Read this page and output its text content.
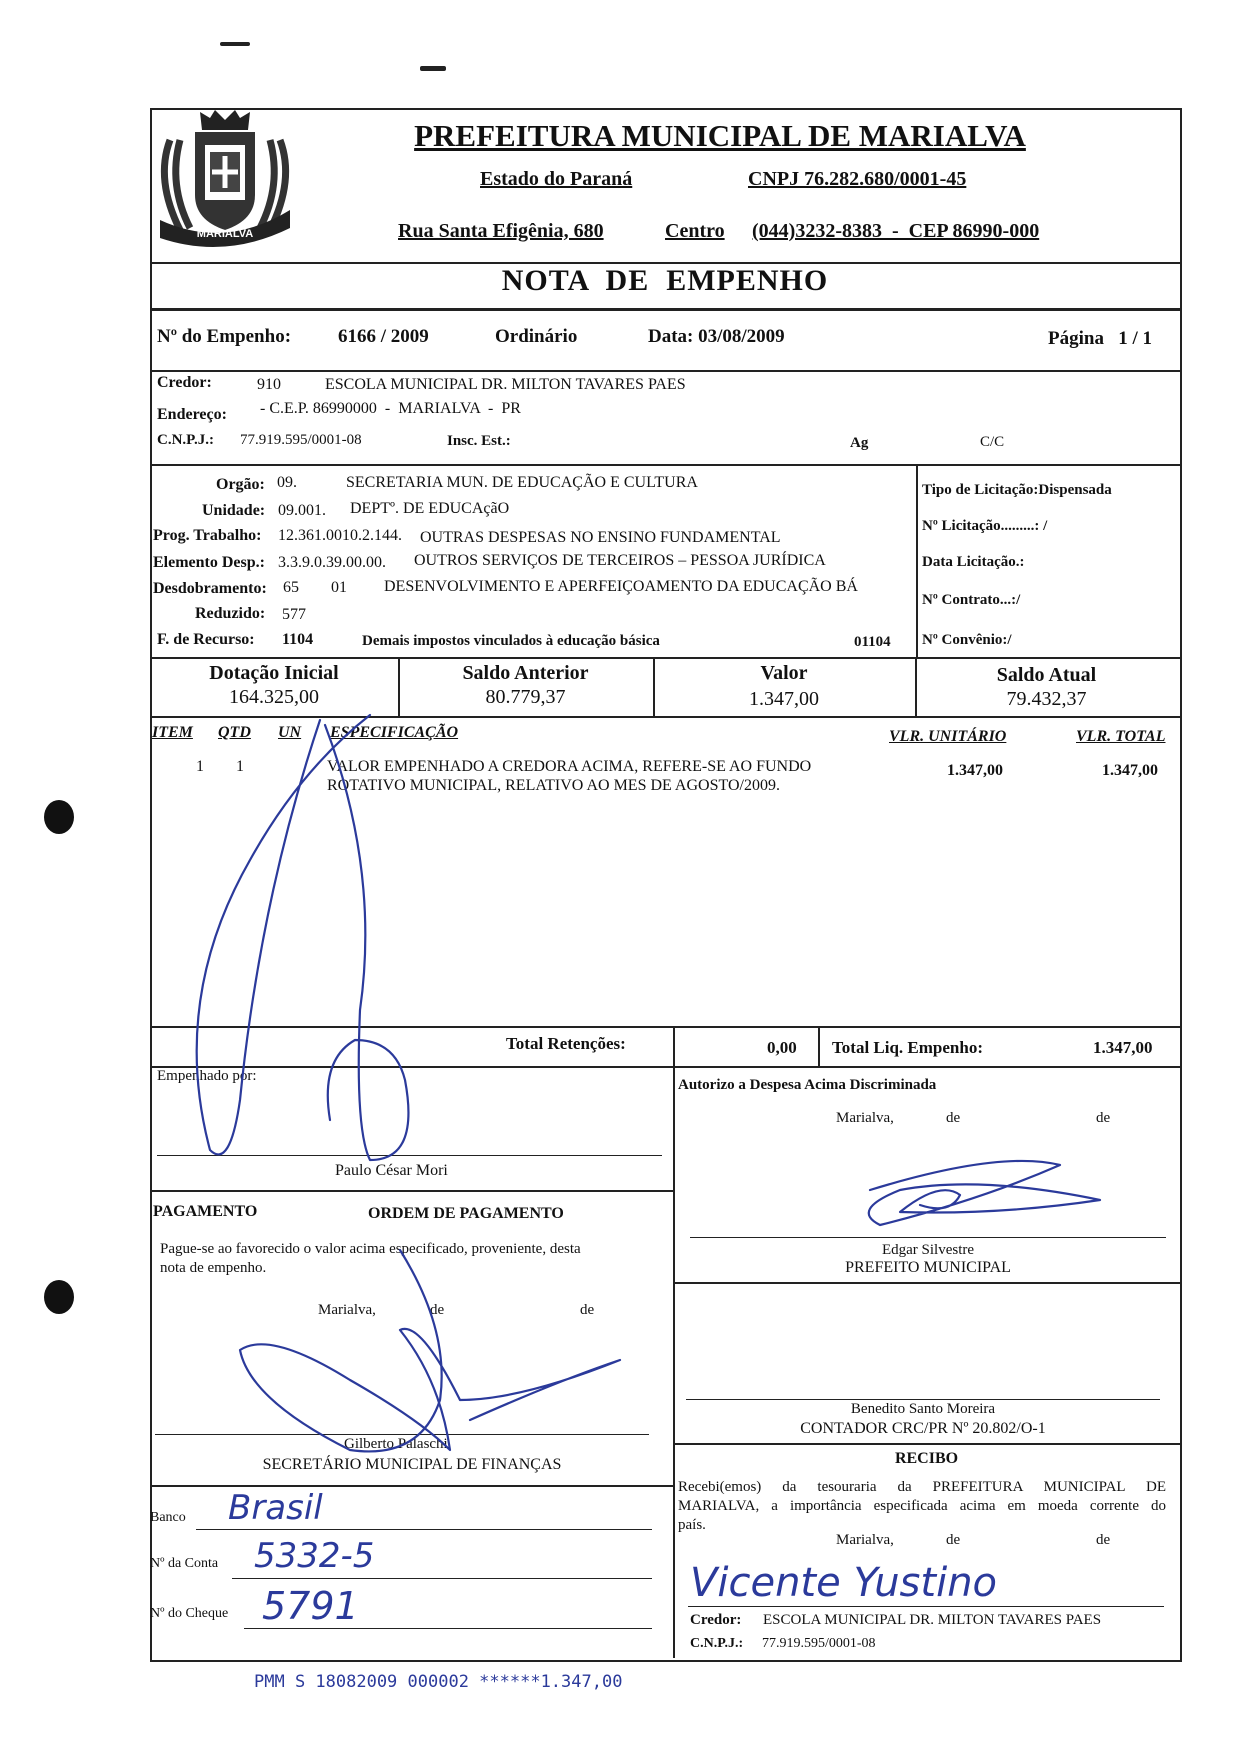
MARIALVA
PREFEITURA MUNICIPAL DE MARIALVA
Estado do Paraná	CNPJ 76.282.680/0001-45
Rua Santa Efigênia, 680	Centro (044)3232-8383  -  CEP 86990-000
NOTA  DE  EMPENHO
Nº do Empenho: 6166 / 2009	Ordinário	Data: 03/08/2009	Página   1 / 1
Credor:	910	ESCOLA MUNICIPAL DR. MILTON TAVARES PAES
Endereço: - C.E.P. 86990000  -  MARIALVA  -  PR
C.N.P.J.: 77.919.595/0001-08	Insc. Est.:	Ag	C/C
Orgão: 09.	SECRETARIA MUN. DE EDUCAÇÃO E CULTURA
Unidade: 09.001. DEPTº. DE EDUCAçãO
Prog. Trabalho: 12.361.0010.2.144. OUTRAS DESPESAS NO ENSINO FUNDAMENTAL
Elemento Desp.: 3.3.9.0.39.00.00. OUTROS SERVIÇOS DE TERCEIROS – PESSOA JURÍDICA
Desdobramento: 65 01 DESENVOLVIMENTO E APERFEIÇOAMENTO DA EDUCAÇÃO BÁ
Reduzido: 577
F. de Recurso: 1104	Demais impostos vinculados à educação básica	01104
Tipo de Licitação:Dispensada
Nº Licitação.........: /
Data Licitação.:
Nº Contrato...:/
Nº Convênio:/
Dotação Inicial
164.325,00
Saldo Anterior
80.779,37
Valor
1.347,00
Saldo Atual
79.432,37
ITEM QTD UN ESPECIFICAÇÃO	VLR. UNITÁRIO	VLR. TOTAL
1 1	VALOR EMPENHADO A CREDORA ACIMA, REFERE-SE AO FUNDO
ROTATIVO MUNICIPAL, RELATIVO AO MES DE AGOSTO/2009.
1.347,00	1.347,00
Total Retenções:	0,00 Total Liq. Empenho:	1.347,00
Empenhado por:
Paulo César Mori
Autorizo a Despesa Acima Discriminada
Marialva,	de	de
Edgar Silvestre
PREFEITO MUNICIPAL
PAGAMENTO	ORDEM DE PAGAMENTO
Pague-se ao favorecido o valor acima especificado, proveniente, desta
nota de empenho.
Marialva,	de	de
Gilberto Palaschi
SECRETÁRIO MUNICIPAL DE FINANÇAS
Benedito Santo Moreira
CONTADOR CRC/PR Nº 20.802/O-1
Banco Brasil
Nº da Conta 5332-5
Nº do Cheque 5791
RECIBO
Recebi(emos) da tesouraria da PREFEITURA MUNICIPAL DE
MARIALVA, a importância especificada acima em moeda corrente do
país.
Marialva,	de	de
Vicente Yustino
Credor: ESCOLA MUNICIPAL DR. MILTON TAVARES PAES
C.N.P.J.: 77.919.595/0001-08
PMM S 18082009 000002 ******1.347,00
